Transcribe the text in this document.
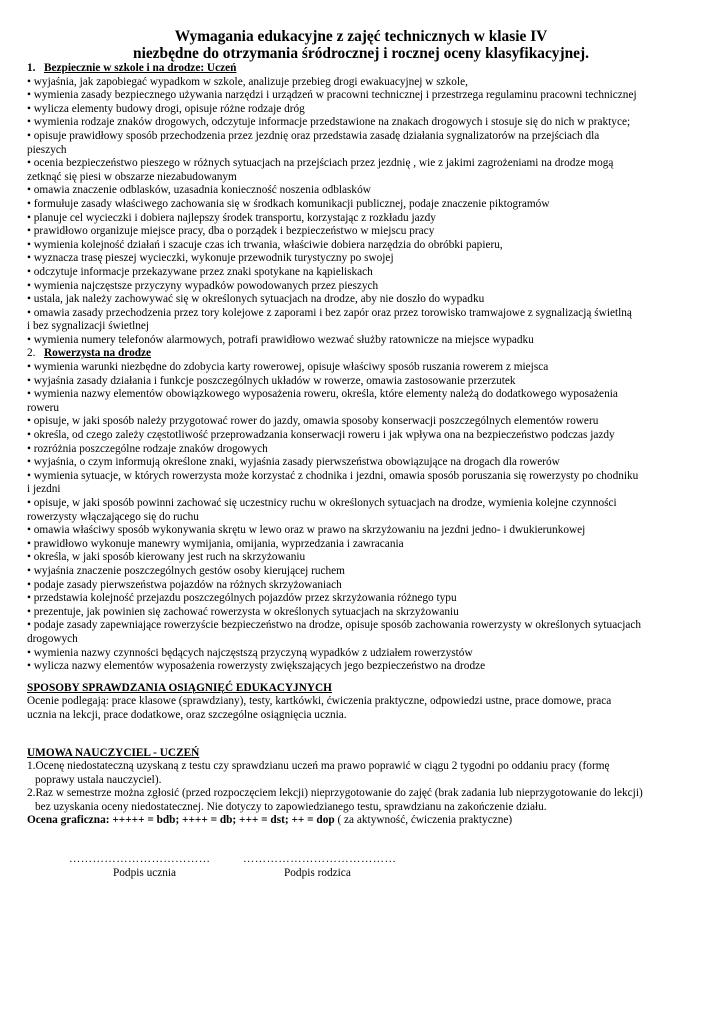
Wymagania edukacyjne z zajęć technicznych w klasie IV
niezbędne do otrzymania śródrocznej i rocznej oceny klasyfikacyjnej.
1. Bezpiecznie w szkole i na drodze: Uczeń
• wyjaśnia, jak zapobiegać wypadkom w szkole, analizuje przebieg drogi ewakuacyjnej w szkole,
• wymienia zasady bezpiecznego używania narzędzi i urządzeń w pracowni technicznej i przestrzega regulaminu pracowni technicznej
• wylicza elementy budowy drogi, opisuje różne rodzaje dróg
• wymienia rodzaje znaków drogowych, odczytuje informacje przedstawione na znakach drogowych i stosuje się do nich w praktyce;
• opisuje prawidłowy sposób przechodzenia przez jezdnię oraz przedstawia zasadę działania sygnalizatorów na przejściach dla
pieszych
• ocenia bezpieczeństwo pieszego w różnych sytuacjach na przejściach przez jezdnię , wie z jakimi zagrożeniami na drodze mogą
zetknąć się piesi w obszarze niezabudowanym
• omawia znaczenie odblasków, uzasadnia konieczność noszenia odblasków
• formułuje zasady właściwego zachowania się w środkach komunikacji publicznej, podaje znaczenie piktogramów
• planuje cel wycieczki i dobiera najlepszy środek transportu, korzystając z rozkładu jazdy
• prawidłowo organizuje miejsce pracy, dba o porządek i bezpieczeństwo w miejscu pracy
• wymienia kolejność działań i szacuje czas ich trwania, właściwie dobiera narzędzia do obróbki papieru,
• wyznacza trasę pieszej wycieczki, wykonuje przewodnik turystyczny po swojej
• odczytuje informacje przekazywane przez znaki spotykane na kąpieliskach
• wymienia najczęstsze przyczyny wypadków powodowanych przez pieszych
• ustala, jak należy zachowywać się w określonych sytuacjach na drodze, aby nie doszło do wypadku
• omawia zasady przechodzenia przez tory kolejowe z zaporami i bez zapór oraz przez torowisko tramwajowe z sygnalizacją świetlną
i bez sygnalizacji świetlnej
• wymienia numery telefonów alarmowych, potrafi prawidłowo wezwać służby ratownicze na miejsce wypadku
2. Rowerzysta na drodze
• wymienia warunki niezbędne do zdobycia karty rowerowej, opisuje właściwy sposób ruszania rowerem z miejsca
• wyjaśnia zasady działania i funkcje poszczególnych układów w rowerze, omawia zastosowanie przerzutek
• wymienia nazwy elementów obowiązkowego wyposażenia roweru, określa, które elementy należą do dodatkowego wyposażenia
roweru
• opisuje, w jaki sposób należy przygotować rower do jazdy, omawia sposoby konserwacji poszczególnych elementów roweru
• określa, od czego zależy częstotliwość przeprowadzania konserwacji roweru i jak wpływa ona na bezpieczeństwo podczas jazdy
• rozróżnia poszczególne rodzaje znaków drogowych
• wyjaśnia, o czym informują określone znaki, wyjaśnia zasady pierwszeństwa obowiązujące na drogach dla rowerów
• wymienia sytuacje, w których rowerzysta może korzystać z chodnika i jezdni, omawia sposób poruszania się rowerzysty po chodniku
i jezdni
• opisuje, w jaki sposób powinni zachować się uczestnicy ruchu w określonych sytuacjach na drodze, wymienia kolejne czynności
rowerzysty włączającego się do ruchu
• omawia właściwy sposób wykonywania skrętu w lewo oraz w prawo na skrzyżowaniu na jezdni jedno- i dwukierunkowej
• prawidłowo wykonuje manewry wymijania, omijania, wyprzedzania i zawracania
• określa, w jaki sposób kierowany jest ruch na skrzyżowaniu
• wyjaśnia znaczenie poszczególnych gestów osoby kierującej ruchem
• podaje zasady pierwszeństwa pojazdów na różnych skrzyżowaniach
• przedstawia kolejność przejazdu poszczególnych pojazdów przez skrzyżowania różnego typu
• prezentuje, jak powinien się zachować rowerzysta w określonych sytuacjach na skrzyżowaniu
• podaje zasady zapewniające rowerzyście bezpieczeństwo na drodze, opisuje sposób zachowania rowerzysty w określonych sytuacjach
drogowych
• wymienia nazwy czynności będących najczęstszą przyczyną wypadków z udziałem rowerzystów
• wylicza nazwy elementów wyposażenia rowerzysty zwiększających jego bezpieczeństwo na drodze
SPOSOBY SPRAWDZANIA OSIĄGNIĘĆ EDUKACYJNYCH
Ocenie podlegają: prace klasowe (sprawdziany), testy, kartkówki, ćwiczenia praktyczne, odpowiedzi ustne, prace domowe, praca
ucznia na lekcji, prace dodatkowe, oraz szczególne osiągnięcia ucznia.
UMOWA NAUCZYCIEL - UCZEŃ
1.Ocenę niedostateczną uzyskaną z testu czy sprawdzianu uczeń ma prawo poprawić w ciągu 2 tygodni po oddaniu pracy (formę
poprawy ustala nauczyciel).
2.Raz w semestrze można zgłosić (przed rozpoczęciem lekcji) nieprzygotowanie do zajęć (brak zadania lub nieprzygotowanie do lekcji)
bez uzyskania oceny niedostatecznej. Nie dotyczy to zapowiedzianego testu, sprawdzianu na zakończenie działu.
Ocena graficzna: +++++ = bdb; ++++ = db; +++ = dst; ++ = dop ( za aktywność, ćwiczenia praktyczne)
………………………………
Podpis ucznia
…………………………………
Podpis rodzica
